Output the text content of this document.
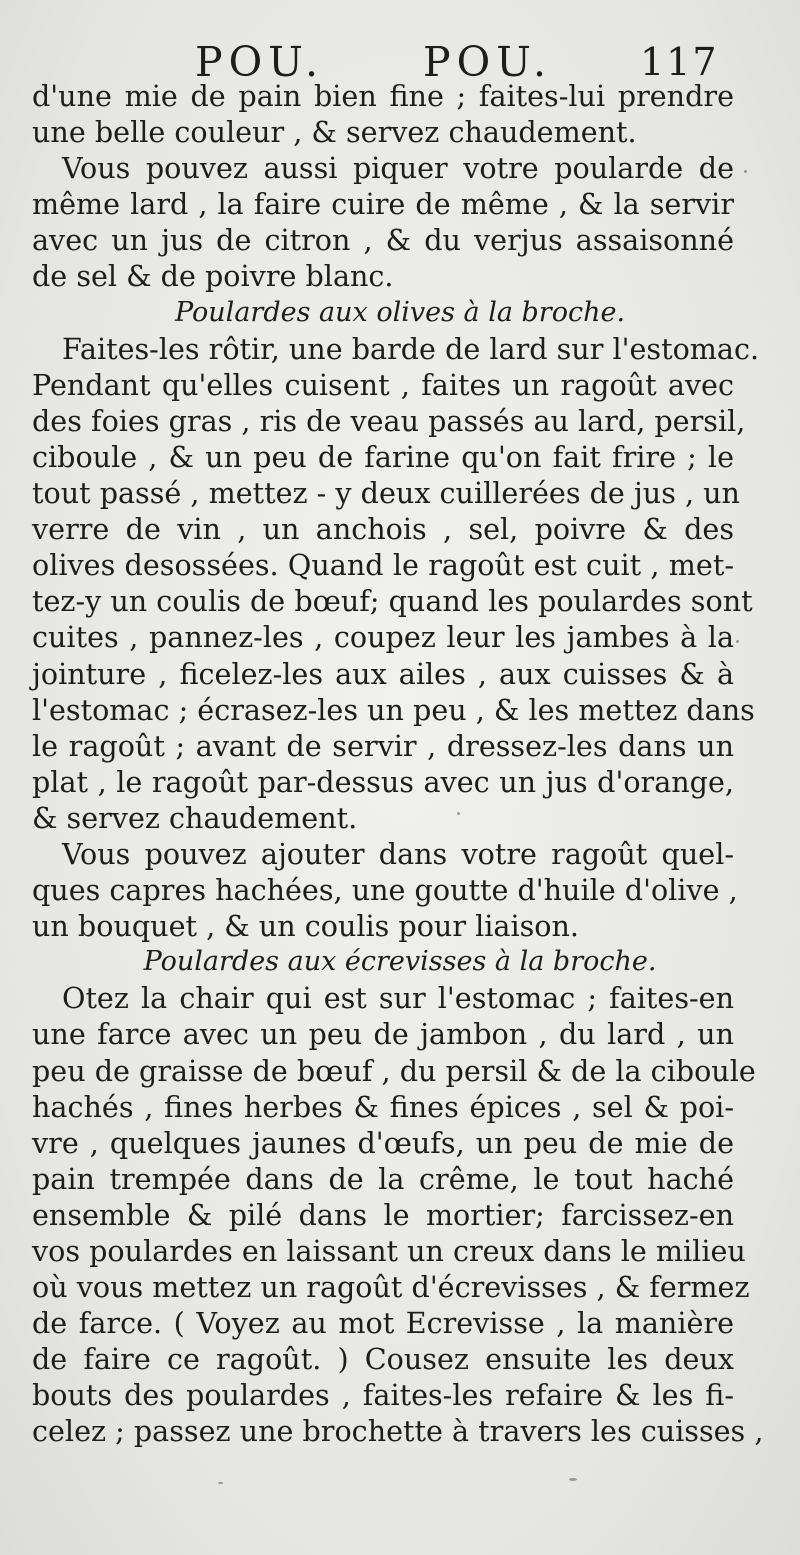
POU. POU. 117
d'une mie de pain bien fine ; faites-lui prendre
une belle couleur , & servez chaudement.
Vous pouvez aussi piquer votre poularde de
même lard , la faire cuire de même , & la servir
avec un jus de citron , & du verjus assaisonné
de sel & de poivre blanc.
Poulardes aux olives à la broche.
Faites-les rôtir, une barde de lard sur l'estomac.
Pendant qu'elles cuisent , faites un ragoût avec
des foies gras , ris de veau passés au lard, persil,
ciboule , & un peu de farine qu'on fait frire ; le
tout passé , mettez - y deux cuillerées de jus , un
verre de vin , un anchois , sel, poivre & des
olives desossées. Quand le ragoût est cuit , met-
tez-y un coulis de bœuf; quand les poulardes sont
cuites , pannez-les , coupez leur les jambes à la
jointure , ficelez-les aux ailes , aux cuisses & à
l'estomac ; écrasez-les un peu , & les mettez dans
le ragoût ; avant de servir , dressez-les dans un
plat , le ragoût par-dessus avec un jus d'orange,
& servez chaudement.
Vous pouvez ajouter dans votre ragoût quel-
ques capres hachées, une goutte d'huile d'olive ,
un bouquet , & un coulis pour liaison.
Poulardes aux écrevisses à la broche.
Otez la chair qui est sur l'estomac ; faites-en
une farce avec un peu de jambon , du lard , un
peu de graisse de bœuf , du persil & de la ciboule
hachés , fines herbes & fines épices , sel & poi-
vre , quelques jaunes d'œufs, un peu de mie de
pain trempée dans de la crême, le tout haché
ensemble & pilé dans le mortier; farcissez-en
vos poulardes en laissant un creux dans le milieu
où vous mettez un ragoût d'écrevisses , & fermez
de farce. ( Voyez au mot Ecrevisse , la manière
de faire ce ragoût. ) Cousez ensuite les deux
bouts des poulardes , faites-les refaire & les fi-
celez ; passez une brochette à travers les cuisses ,
